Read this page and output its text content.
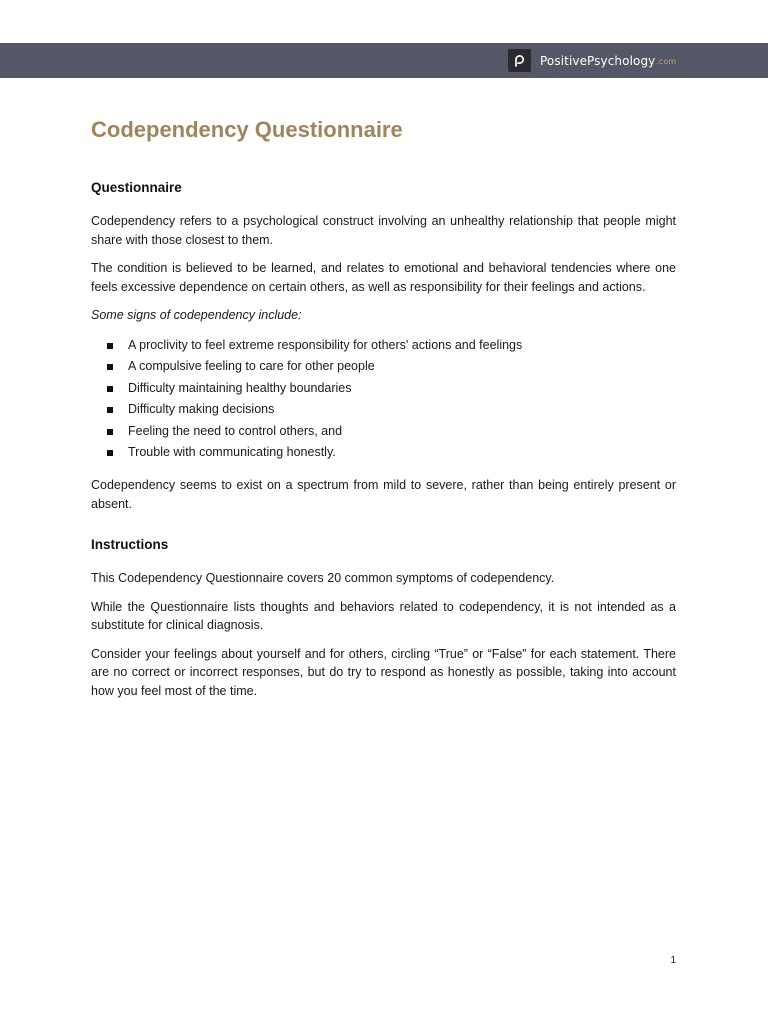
PositivePsychology .com
Codependency Questionnaire
Questionnaire

Codependency refers to a psychological construct involving an unhealthy relationship that people might share with those closest to them.

The condition is believed to be learned, and relates to emotional and behavioral tendencies where one feels excessive dependence on certain others, as well as responsibility for their feelings and actions.

Some signs of codependency include:

A proclivity to feel extreme responsibility for others' actions and feelings
A compulsive feeling to care for other people
Difficulty maintaining healthy boundaries
Difficulty making decisions
Feeling the need to control others, and
Trouble with communicating honestly.

Codependency seems to exist on a spectrum from mild to severe, rather than being entirely present or absent.

Instructions

This Codependency Questionnaire covers 20 common symptoms of codependency.

While the Questionnaire lists thoughts and behaviors related to codependency, it is not intended as a substitute for clinical diagnosis.

Consider your feelings about yourself and for others, circling “True” or “False” for each statement. There are no correct or incorrect responses, but do try to respond as honestly as possible, taking into account how you feel most of the time.

1
